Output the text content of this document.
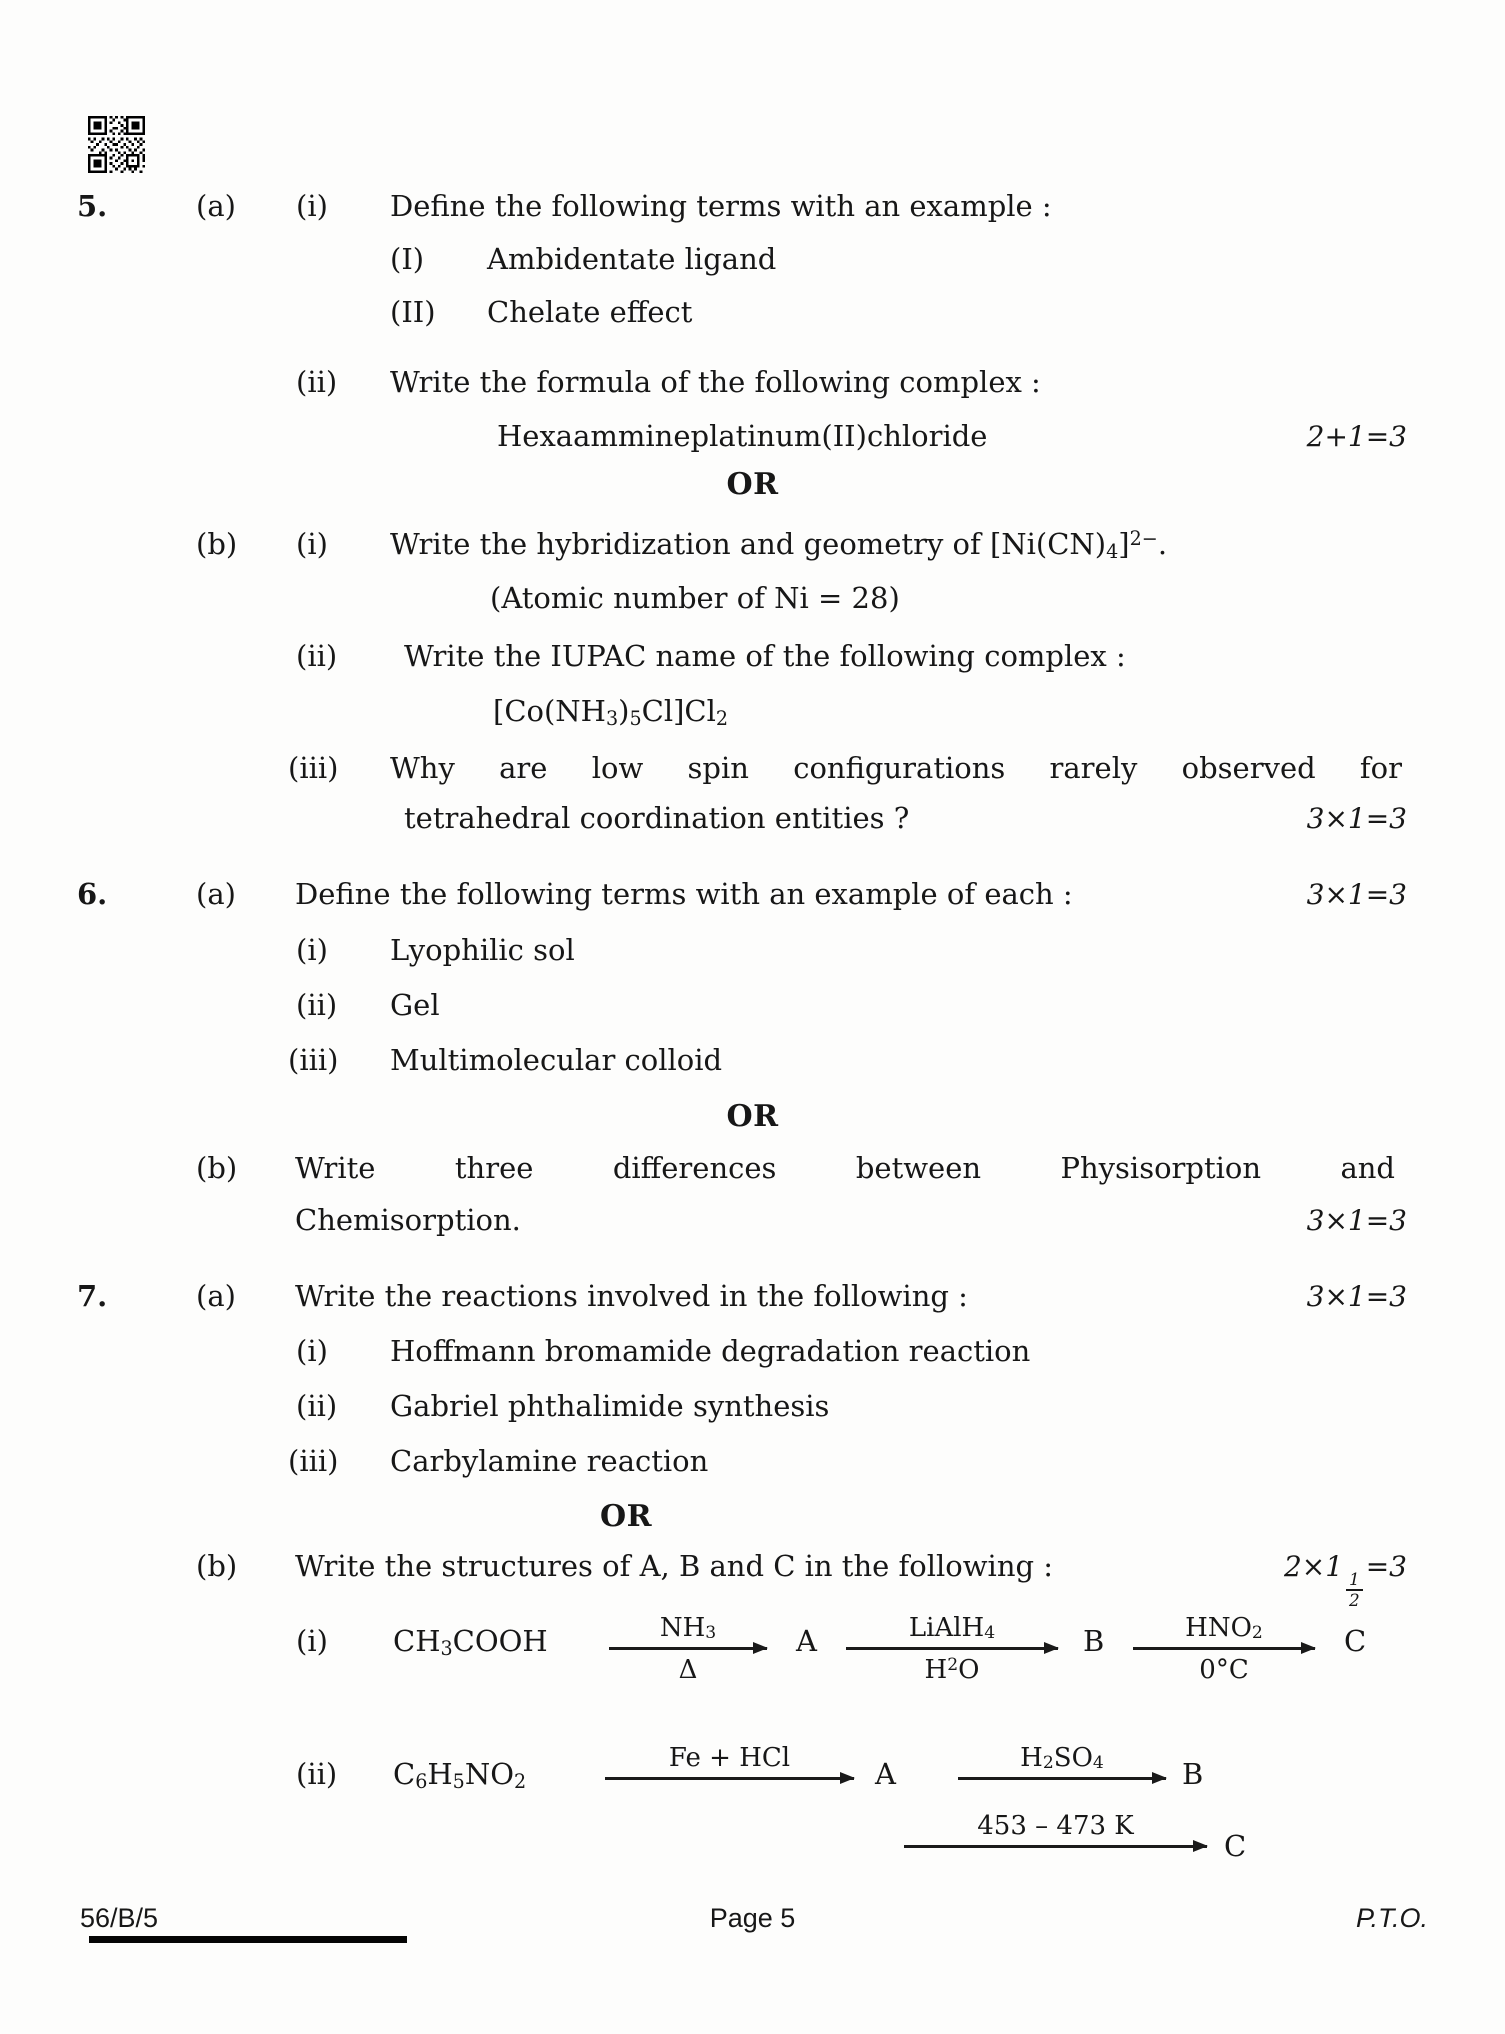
5.	(a) (i) Define the following terms with an example :
(I) Ambidentate ligand
(II) Chelate effect
(ii) Write the formula of the following complex :
Hexaammineplatinum(II)chloride	2+1=3
OR
(b) (i) Write the hybridization and geometry of $[Ni(CN)4]^{2-}$.
(Atomic number of Ni = 28)
(ii) Write the IUPAC name of the following complex :
[Co(NH3)5Cl]Cl2
(iii) Why are low spin configurations rarely observed for
tetrahedral coordination entities ?	3×1=3
6.	(a) Define the following terms with an example of each :	3×1=3
(i) Lyophilic sol
(ii) Gel
(iii) Multimolecular colloid
OR
(b) Write three differences between Physisorption and
Chemisorption.	3×1=3
7.	(a) Write the reactions involved in the following :	3×1=3
(i) Hoffmann bromamide degradation reaction
(ii) Gabriel phthalimide synthesis
(iii) Carbylamine reaction
OR
(b) Write the structures of A, B and C in the following :	2×1
$\frac{1}{2}$
=3
(i) CH3COOH	NH 3
Δ
A	LiAlH 4
H 2 O
B	HNO 2
0°C
C
(ii) C6H5NO2
Fe + HCl	A	H 2 SO 4	B
453 – 473 K
C
56/B/5	Page 5	P.T.O.
